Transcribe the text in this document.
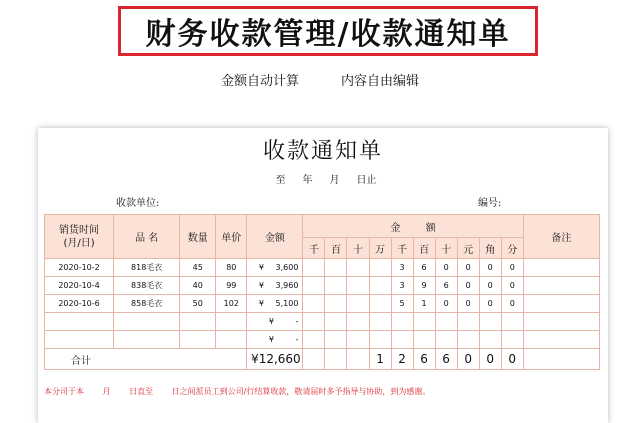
财务收款管理/收款通知单
金额自动计算	内容自由编辑
收款通知单
至 年 月 日止
收款单位:	编号:
销货时间
(月/日)	品 名	数量	单价	金额	金        额										备注
					千	百	十	万	千	百	十	元	角	分	
2020-10-2	818毛衣	45	80	¥ 3,600					3	6	0	0	0	0	
2020-10-4	838毛衣	40	99	¥ 3,960					3	9	6	0	0	0	
2020-10-6	858毛衣	50	102	¥ 5,100					5	1	0	0	0	0	
				¥ -											

				¥ -											

合计				¥12,660				1	2	6	6	0	0	0	
本分司于本 月 日直至 日之间派员工到公司/行结算收款，敬请届时多予指导与协助，到为感谢。
